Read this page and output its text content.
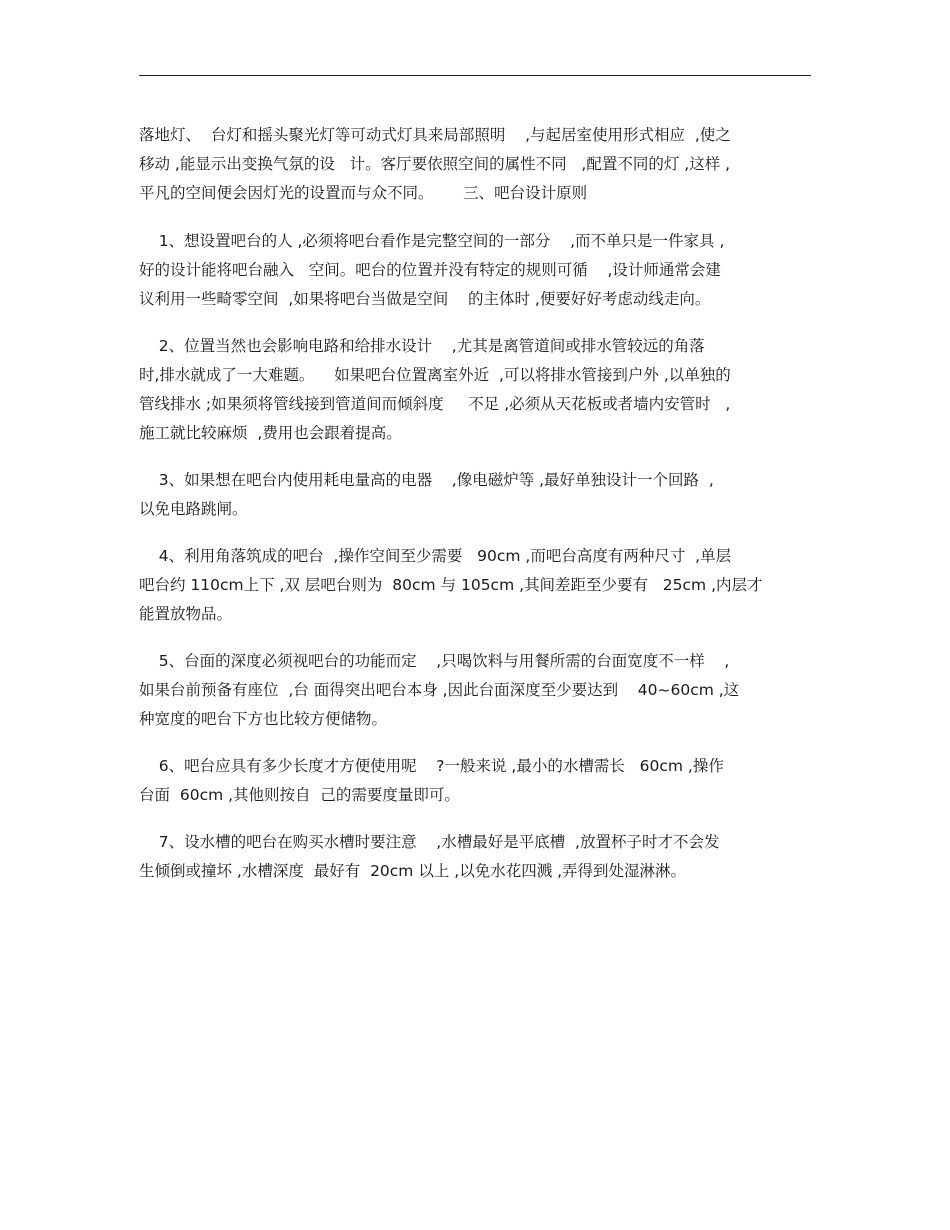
落地灯、  台灯和摇头聚光灯等可动式灯具来局部照明    ,与起居室使用形式相应  ,使之
移动 ,能显示出变换气氛的设   计。客厅要依照空间的属性不同   ,配置不同的灯 ,这样 ,
平凡的空间便会因灯光的设置而与众不同。      三、吧台设计原则

1、想设置吧台的人 ,必须将吧台看作是完整空间的一部分    ,而不单只是一件家具 ,
好的设计能将吧台融入   空间。吧台的位置并没有特定的规则可循    ,设计师通常会建
议利用一些畸零空间  ,如果将吧台当做是空间    的主体时 ,便要好好考虑动线走向。

2、位置当然也会影响电路和给排水设计    ,尤其是离管道间或排水管较远的角落
时,排水就成了一大难题。    如果吧台位置离室外近  ,可以将排水管接到户外 ,以单独的
管线排水 ;如果须将管线接到管道间而倾斜度     不足 ,必须从天花板或者墙内安管时   ,
施工就比较麻烦  ,费用也会跟着提高。

3、如果想在吧台内使用耗电量高的电器    ,像电磁炉等 ,最好单独设计一个回路  ,
以免电路跳闸。

4、利用角落筑成的吧台  ,操作空间至少需要   90cm ,而吧台高度有两种尺寸  ,单层
吧台约 110cm上下 ,双 层吧台则为  80cm 与 105cm ,其间差距至少要有   25cm ,内层才
能置放物品。

5、台面的深度必须视吧台的功能而定    ,只喝饮料与用餐所需的台面宽度不一样    ,
如果台前预备有座位  ,台 面得突出吧台本身 ,因此台面深度至少要达到    40~60cm ,这
种宽度的吧台下方也比较方便储物。

6、吧台应具有多少长度才方便使用呢    ?一般来说 ,最小的水槽需长   60cm ,操作
台面  60cm ,其他则按自  己的需要度量即可。

7、设水槽的吧台在购买水槽时要注意    ,水槽最好是平底槽  ,放置杯子时才不会发
生倾倒或撞坏 ,水槽深度  最好有  20cm 以上 ,以免水花四溅 ,弄得到处湿淋淋。
